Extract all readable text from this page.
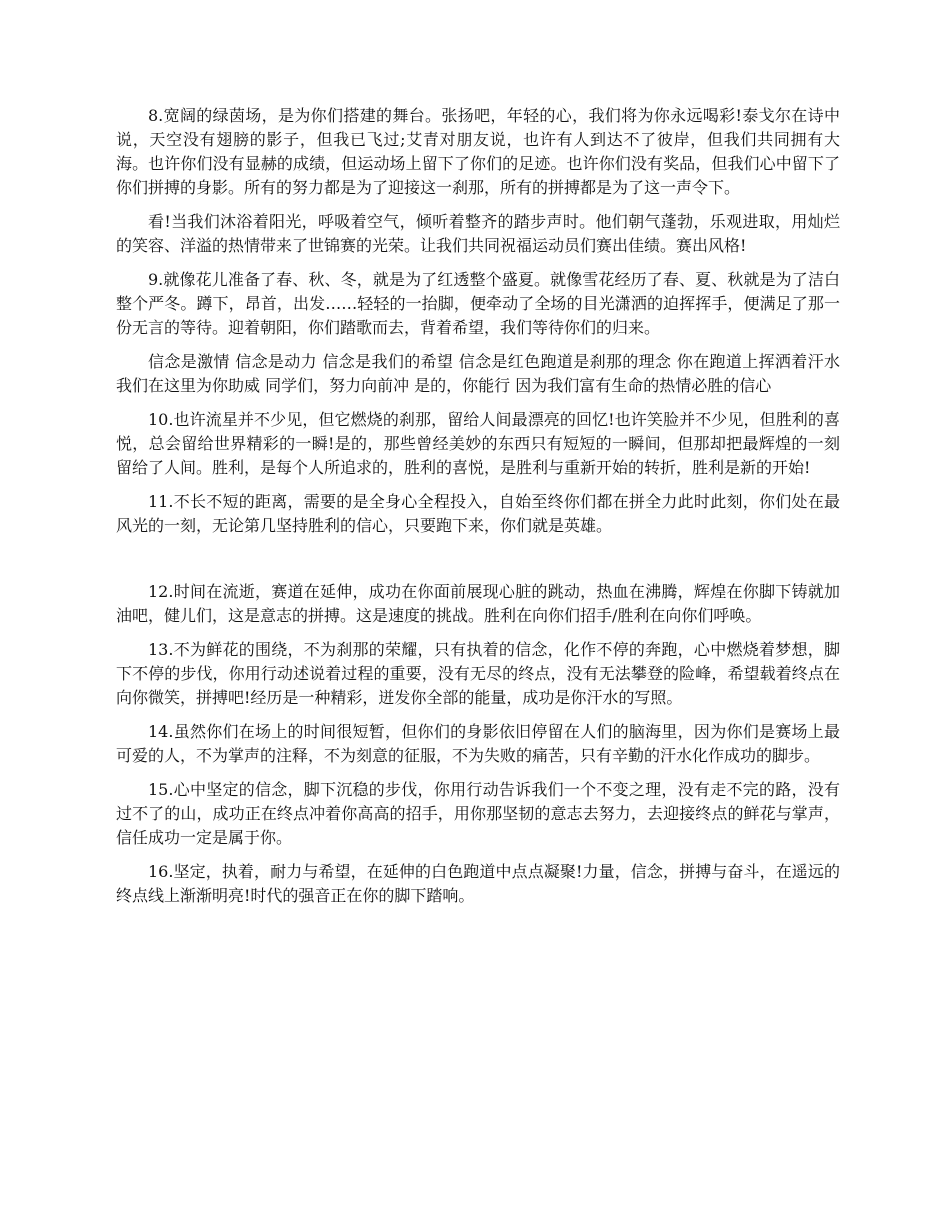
8.宽阔的绿茵场，是为你们搭建的舞台。张扬吧，年轻的心，我们将为你永远喝彩!泰戈尔在诗中说，天空没有翅膀的影子，但我已飞过;艾青对朋友说，也许有人到达不了彼岸，但我们共同拥有大海。也许你们没有显赫的成绩，但运动场上留下了你们的足迹。也许你们没有奖品，但我们心中留下了你们拼搏的身影。所有的努力都是为了迎接这一刹那，所有的拼搏都是为了这一声令下。

看!当我们沐浴着阳光，呼吸着空气，倾听着整齐的踏步声时。他们朝气蓬勃，乐观进取，用灿烂的笑容、洋溢的热情带来了世锦赛的光荣。让我们共同祝福运动员们赛出佳绩。赛出风格!

9.就像花儿准备了春、秋、冬，就是为了红透整个盛夏。就像雪花经历了春、夏、秋就是为了洁白整个严冬。蹲下，昂首，出发……轻轻的一抬脚，便牵动了全场的目光潇洒的迫挥挥手，便满足了那一份无言的等待。迎着朝阳，你们踏歌而去，背着希望，我们等待你们的归来。

信念是激情 信念是动力 信念是我们的希望 信念是红色跑道是刹那的理念 你在跑道上挥洒着汗水 我们在这里为你助威 同学们，努力向前冲 是的，你能行 因为我们富有生命的热情必胜的信心

10.也许流星并不少见，但它燃烧的刹那，留给人间最漂亮的回忆!也许笑脸并不少见，但胜利的喜悦，总会留给世界精彩的一瞬!是的，那些曾经美妙的东西只有短短的一瞬间，但那却把最辉煌的一刻留给了人间。胜利，是每个人所追求的，胜利的喜悦，是胜利与重新开始的转折，胜利是新的开始!

11.不长不短的距离，需要的是全身心全程投入，自始至终你们都在拼全力此时此刻，你们处在最风光的一刻，无论第几坚持胜利的信心，只要跑下来，你们就是英雄。

12.时间在流逝，赛道在延伸，成功在你面前展现心脏的跳动，热血在沸腾，辉煌在你脚下铸就加油吧，健儿们，这是意志的拼搏。这是速度的挑战。胜利在向你们招手/胜利在向你们呼唤。

13.不为鲜花的围绕，不为刹那的荣耀，只有执着的信念，化作不停的奔跑，心中燃烧着梦想，脚下不停的步伐，你用行动述说着过程的重要，没有无尽的终点，没有无法攀登的险峰，希望载着终点在向你微笑，拼搏吧!经历是一种精彩，迸发你全部的能量，成功是你汗水的写照。

14.虽然你们在场上的时间很短暂，但你们的身影依旧停留在人们的脑海里，因为你们是赛场上最可爱的人，不为掌声的注释，不为刻意的征服，不为失败的痛苦，只有辛勤的汗水化作成功的脚步。

15.心中坚定的信念，脚下沉稳的步伐，你用行动告诉我们一个不变之理，没有走不完的路，没有过不了的山，成功正在终点冲着你高高的招手，用你那坚韧的意志去努力，去迎接终点的鲜花与掌声，信任成功一定是属于你。

16.坚定，执着，耐力与希望，在延伸的白色跑道中点点凝聚!力量，信念，拼搏与奋斗，在遥远的终点线上渐渐明亮!时代的强音正在你的脚下踏响。
